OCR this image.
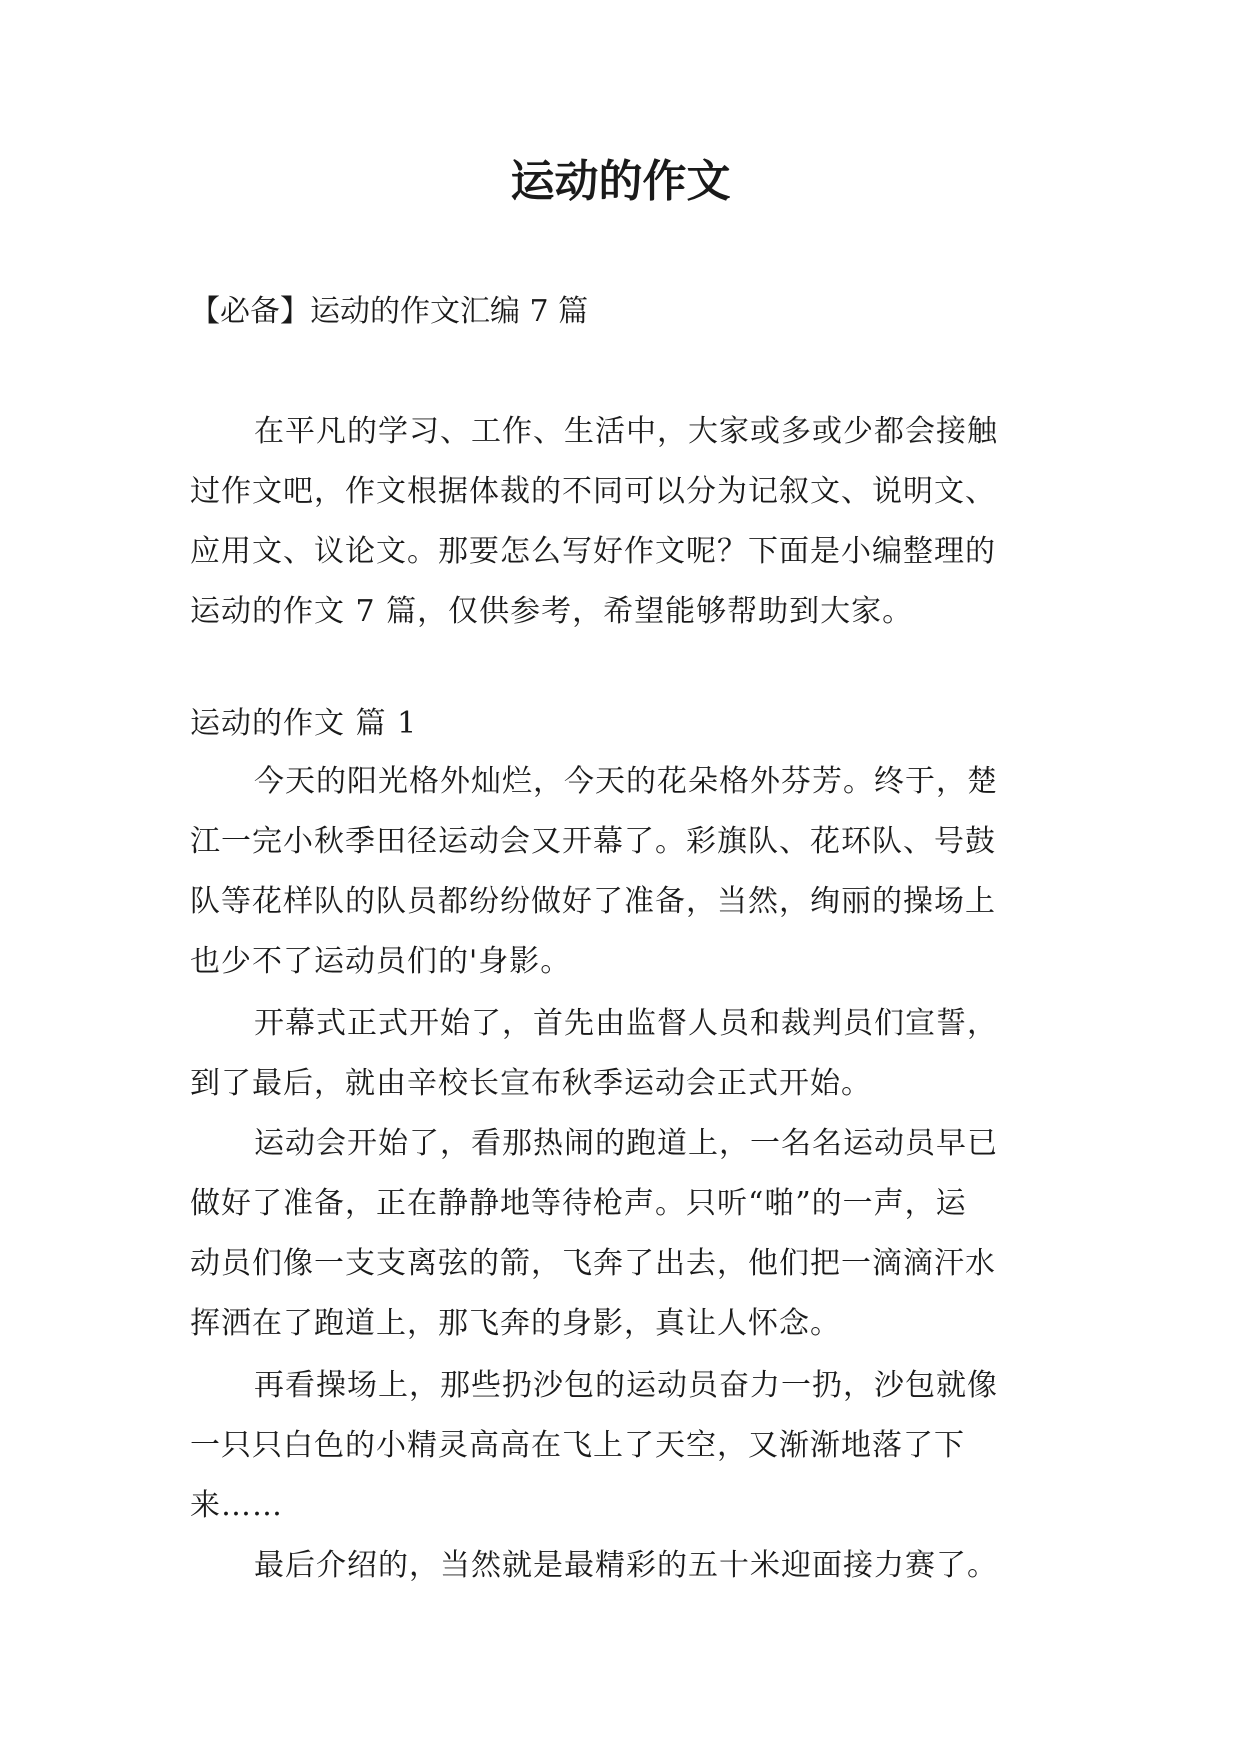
运动的作文

【必备】运动的作文汇编 7 篇

在平凡的学习、工作、生活中，大家或多或少都会接触
过作文吧，作文根据体裁的不同可以分为记叙文、说明文、
应用文、议论文。那要怎么写好作文呢？下面是小编整理的
运动的作文 7 篇，仅供参考，希望能够帮助到大家。
运动的作文 篇 1
今天的阳光格外灿烂，今天的花朵格外芬芳。终于，楚
江一完小秋季田径运动会又开幕了。彩旗队、花环队、号鼓
队等花样队的队员都纷纷做好了准备，当然，绚丽的操场上
也少不了运动员们的'身影。
开幕式正式开始了，首先由监督人员和裁判员们宣誓，
到了最后，就由辛校长宣布秋季运动会正式开始。
运动会开始了，看那热闹的跑道上，一名名运动员早已
做好了准备，正在静静地等待枪声。只听“啪”的一声，运
动员们像一支支离弦的箭，飞奔了出去，他们把一滴滴汗水
挥洒在了跑道上，那飞奔的身影，真让人怀念。
再看操场上，那些扔沙包的运动员奋力一扔，沙包就像
一只只白色的小精灵高高在飞上了天空，又渐渐地落了下
来……
最后介绍的，当然就是最精彩的五十米迎面接力赛了。
